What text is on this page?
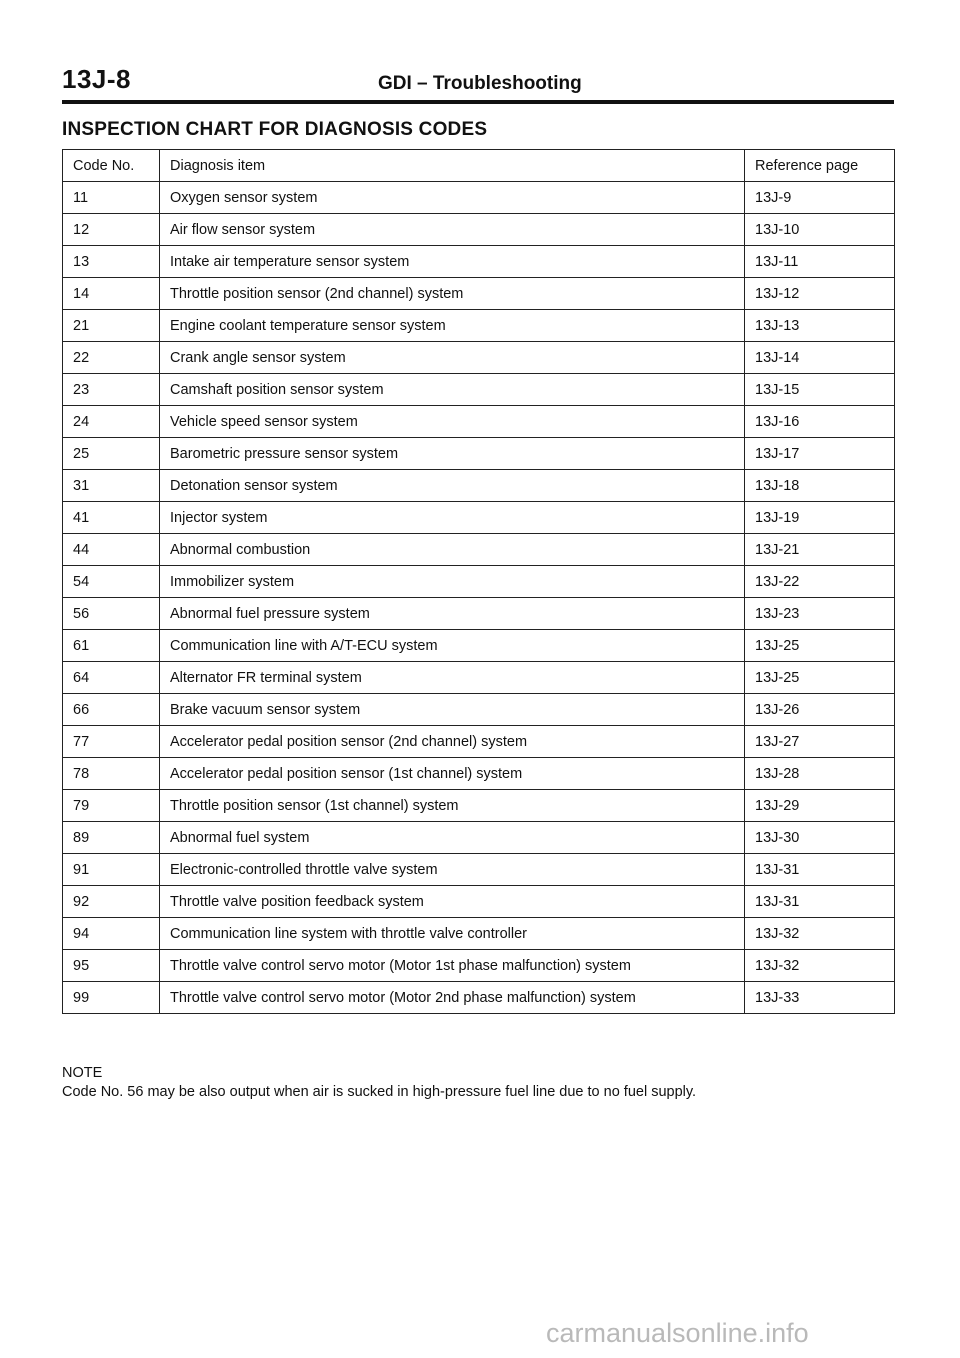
13J-8	GDI – Troubleshooting
INSPECTION CHART FOR DIAGNOSIS CODES
Code No.	Diagnosis item	Reference page
11	Oxygen sensor system	13J-9
12	Air flow sensor system	13J-10
13	Intake air temperature sensor system	13J-11
14	Throttle position sensor (2nd channel) system	13J-12
21	Engine coolant temperature sensor system	13J-13
22	Crank angle sensor system	13J-14
23	Camshaft position sensor system	13J-15
24	Vehicle speed sensor system	13J-16
25	Barometric pressure sensor system	13J-17
31	Detonation sensor system	13J-18
41	Injector system	13J-19
44	Abnormal combustion	13J-21
54	Immobilizer system	13J-22
56	Abnormal fuel pressure system	13J-23
61	Communication line with A/T-ECU system	13J-25
64	Alternator FR terminal system	13J-25
66	Brake vacuum sensor system	13J-26
77	Accelerator pedal position sensor (2nd channel) system	13J-27
78	Accelerator pedal position sensor (1st channel) system	13J-28
79	Throttle position sensor (1st channel) system	13J-29
89	Abnormal fuel system	13J-30
91	Electronic-controlled throttle valve system	13J-31
92	Throttle valve position feedback system	13J-31
94	Communication line system with throttle valve controller	13J-32
95	Throttle valve control servo motor (Motor 1st phase malfunction) system	13J-32
99	Throttle valve control servo motor (Motor 2nd phase malfunction) system	13J-33
NOTE
Code No. 56 may be also output when air is sucked in high-pressure fuel line due to no fuel supply.
carmanualsonline.info
